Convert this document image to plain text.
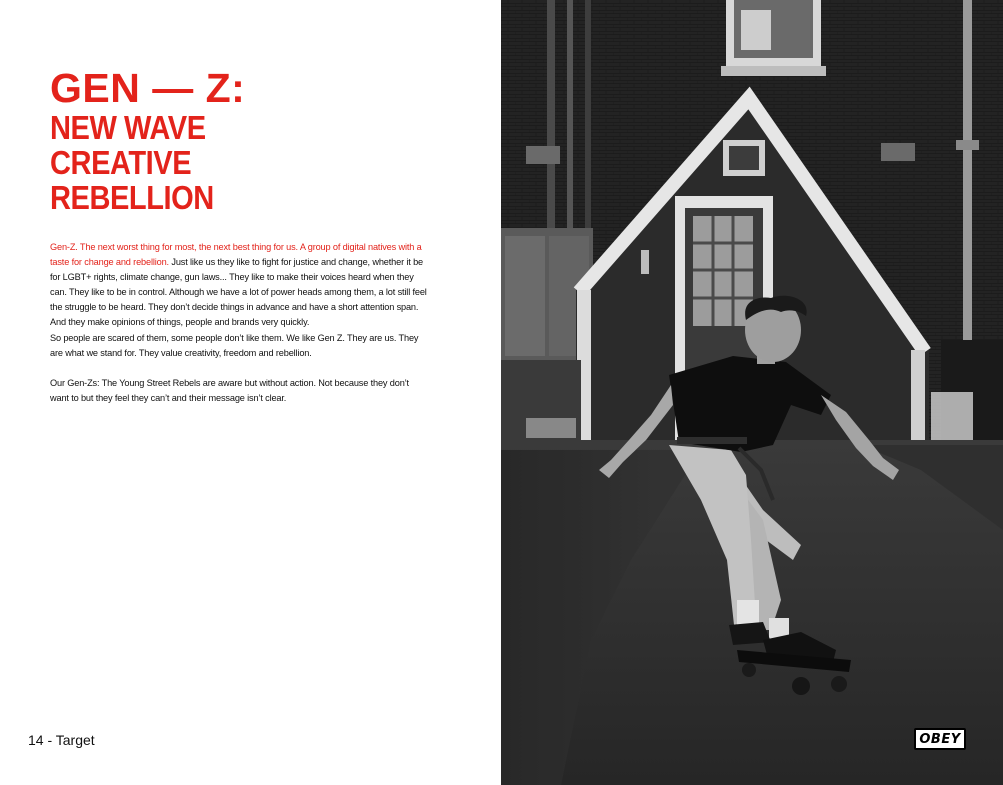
GEN — Z:
NEW WAVE
CREATIVE
REBELLION

Gen-Z. The next worst thing for most, the next best thing for us. A group of digital natives with a taste for change and rebellion. Just like us they like to fight for justice and change, whether it be for LGBT+ rights, climate change, gun laws... They like to make their voices heard when they can. They like to be in control. Although we have a lot of power heads among them, a lot still feel the struggle to be heard. They don’t decide things in advance and have a short attention span. And they make opinions of things, people and brands very quickly.

So people are scared of them, some people don’t like them. We like Gen Z. They are us. They are what we stand for. They value creativity, freedom and rebellion.

Our Gen-Zs: The Young Street Rebels are aware but without action. Not because they don’t want to but they feel they can’t and their message isn’t clear.

14 - Target	OBEY
